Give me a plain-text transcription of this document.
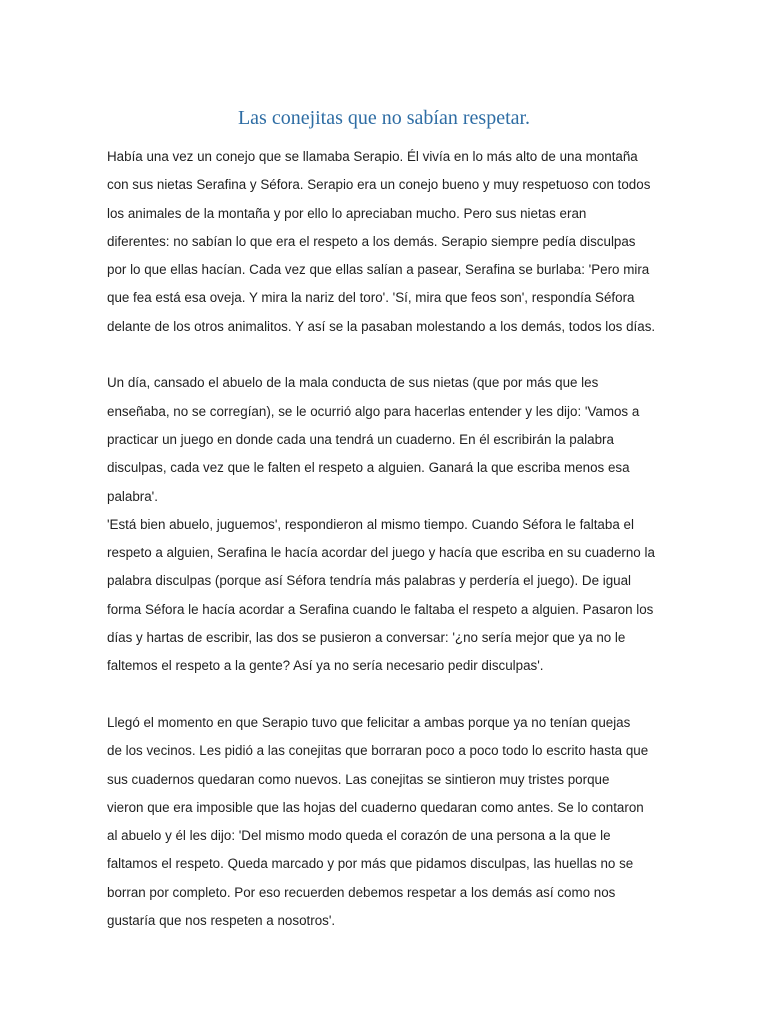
Las conejitas que no sabían respetar.
Había una vez un conejo que se llamaba Serapio. Él vivía en lo más alto de una montaña
con sus nietas Serafina y Séfora. Serapio era un conejo bueno y muy respetuoso con todos
los animales de la montaña y por ello lo apreciaban mucho. Pero sus nietas eran
diferentes: no sabían lo que era el respeto a los demás. Serapio siempre pedía disculpas
por lo que ellas hacían. Cada vez que ellas salían a pasear, Serafina se burlaba: 'Pero mira
que fea está esa oveja. Y mira la nariz del toro'. 'Sí, mira que feos son', respondía Séfora
delante de los otros animalitos. Y así se la pasaban molestando a los demás, todos los días.
Un día, cansado el abuelo de la mala conducta de sus nietas (que por más que les
enseñaba, no se corregían), se le ocurrió algo para hacerlas entender y les dijo: 'Vamos a
practicar un juego en donde cada una tendrá un cuaderno. En él escribirán la palabra
disculpas, cada vez que le falten el respeto a alguien. Ganará la que escriba menos esa
palabra'.
'Está bien abuelo, juguemos', respondieron al mismo tiempo. Cuando Séfora le faltaba el
respeto a alguien, Serafina le hacía acordar del juego y hacía que escriba en su cuaderno la
palabra disculpas (porque así Séfora tendría más palabras y perdería el juego). De igual
forma Séfora le hacía acordar a Serafina cuando le faltaba el respeto a alguien. Pasaron los
días y hartas de escribir, las dos se pusieron a conversar: '¿no sería mejor que ya no le
faltemos el respeto a la gente? Así ya no sería necesario pedir disculpas'.
Llegó el momento en que Serapio tuvo que felicitar a ambas porque ya no tenían quejas
de los vecinos. Les pidió a las conejitas que borraran poco a poco todo lo escrito hasta que
sus cuadernos quedaran como nuevos. Las conejitas se sintieron muy tristes porque
vieron que era imposible que las hojas del cuaderno quedaran como antes. Se lo contaron
al abuelo y él les dijo: 'Del mismo modo queda el corazón de una persona a la que le
faltamos el respeto. Queda marcado y por más que pidamos disculpas, las huellas no se
borran por completo. Por eso recuerden debemos respetar a los demás así como nos
gustaría que nos respeten a nosotros'.
